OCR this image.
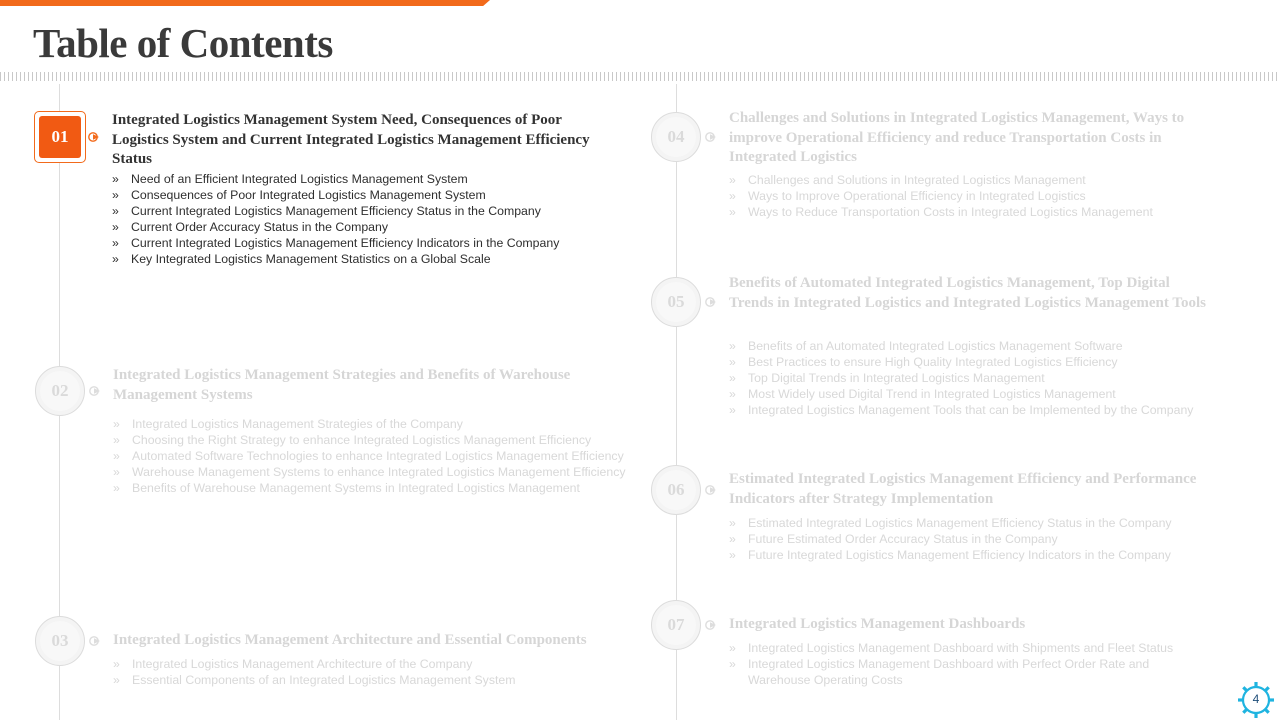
Table of Contents
01
Integrated Logistics Management System Need, Consequences of Poor Logistics System and Current Integrated Logistics Management Efficiency Status
» Need of an Efficient Integrated Logistics Management System
» Consequences of Poor Integrated Logistics Management System
» Current Integrated Logistics Management Efficiency Status in the Company
» Current Order Accuracy Status in the Company
» Current Integrated Logistics Management Efficiency Indicators in the Company
» Key Integrated Logistics Management Statistics on a Global Scale
02
Integrated Logistics Management Strategies and Benefits of Warehouse Management Systems
» Integrated Logistics Management Strategies of the Company
» Choosing the Right Strategy to enhance Integrated Logistics Management Efficiency
» Automated Software Technologies to enhance Integrated Logistics Management Efficiency
» Warehouse Management Systems to enhance Integrated Logistics Management Efficiency
» Benefits of Warehouse Management Systems in Integrated Logistics Management
03	Integrated Logistics Management Architecture and Essential Components
» Integrated Logistics Management Architecture of the Company
» Essential Components of an Integrated Logistics Management System
04
Challenges and Solutions in Integrated Logistics Management, Ways to improve Operational Efficiency and reduce Transportation Costs in Integrated Logistics
» Challenges and Solutions in Integrated Logistics Management
» Ways to Improve Operational Efficiency in Integrated Logistics
» Ways to Reduce Transportation Costs in Integrated Logistics Management
05
Benefits of Automated Integrated Logistics Management, Top Digital Trends in Integrated Logistics and Integrated Logistics Management Tools
» Benefits of an Automated Integrated Logistics Management Software
» Best Practices to ensure High Quality Integrated Logistics Efficiency
» Top Digital Trends in Integrated Logistics Management
» Most Widely used Digital Trend in Integrated Logistics Management
» Integrated Logistics Management Tools that can be Implemented by the Company
06
Estimated Integrated Logistics Management Efficiency and Performance Indicators after Strategy Implementation
» Estimated Integrated Logistics Management Efficiency Status in the Company
» Future Estimated Order Accuracy Status in the Company
» Future Integrated Logistics Management Efficiency Indicators in the Company
07	Integrated Logistics Management Dashboards
» Integrated Logistics Management Dashboard with Shipments and Fleet Status
» Integrated Logistics Management Dashboard with Perfect Order Rate and Warehouse Operating Costs
4
